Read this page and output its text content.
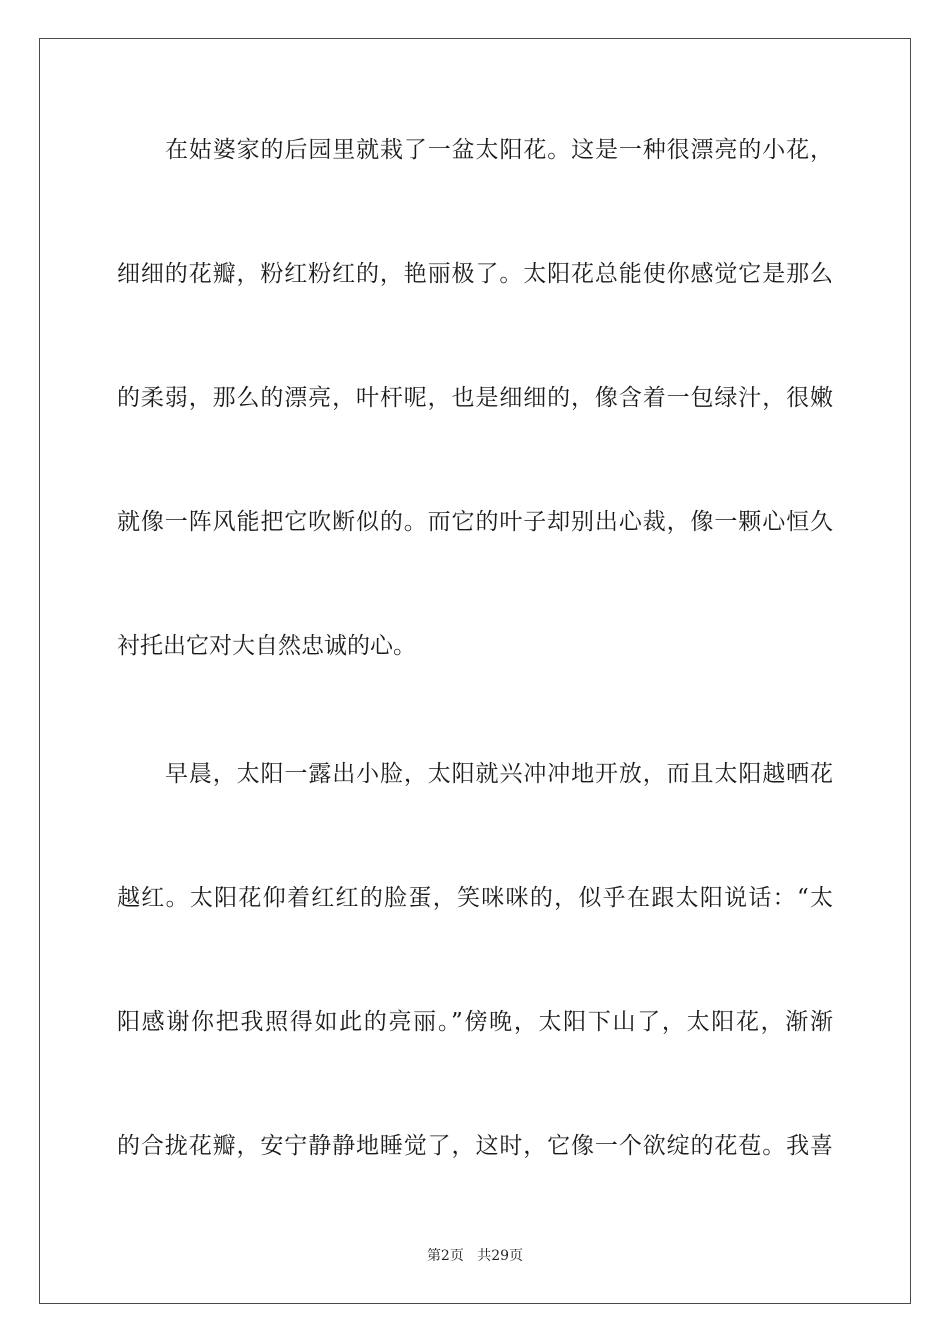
在姑婆家的后园里就栽了一盆太阳花。这是一种很漂亮的小花，
细细的花瓣，粉红粉红的，艳丽极了。太阳花总能使你感觉它是那么
的柔弱，那么的漂亮，叶杆呢，也是细细的，像含着一包绿汁，很嫩
就像一阵风能把它吹断似的。而它的叶子却别出心裁，像一颗心恒久
衬托出它对大自然忠诚的心。
早晨，太阳一露出小脸，太阳就兴冲冲地开放，而且太阳越晒花
越红。太阳花仰着红红的脸蛋，笑咪咪的，似乎在跟太阳说话：“太
阳感谢你把我照得如此的亮丽。”傍晚，太阳下山了，太阳花，渐渐
的合拢花瓣，安宁静静地睡觉了，这时，它像一个欲绽的花苞。我喜
第2页 共29页
